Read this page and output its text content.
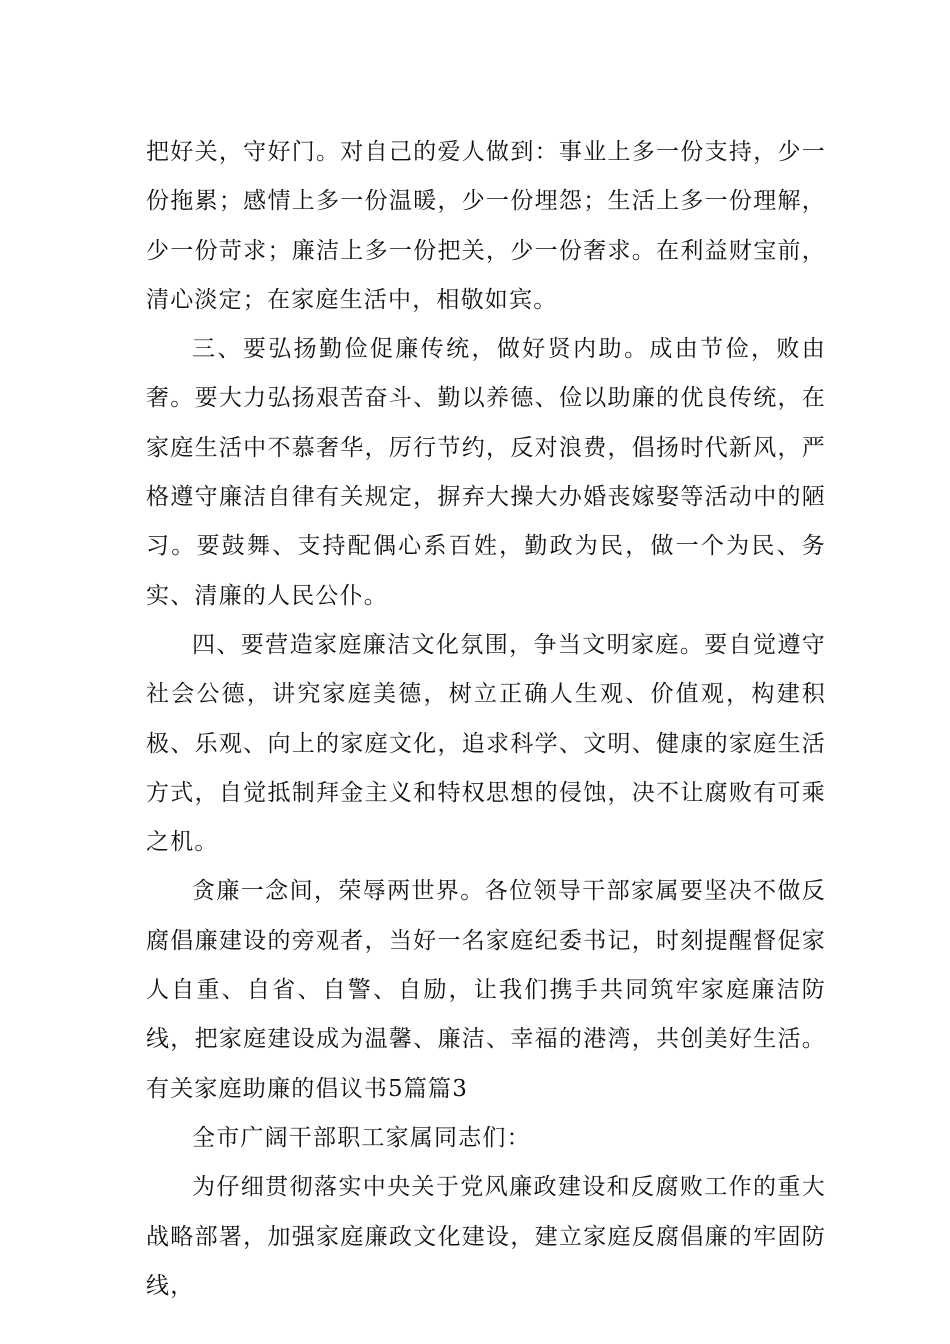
把好关，守好门。对自己的爱人做到：事业上多一份支持，少一份拖累；感情上多一份温暖，少一份埋怨；生活上多一份理解，少一份苛求；廉洁上多一份把关，少一份奢求。在利益财宝前，清心淡定；在家庭生活中，相敬如宾。

三、要弘扬勤俭促廉传统，做好贤内助。成由节俭，败由奢。要大力弘扬艰苦奋斗、勤以养德、俭以助廉的优良传统，在家庭生活中不慕奢华，厉行节约，反对浪费，倡扬时代新风，严格遵守廉洁自律有关规定，摒弃大操大办婚丧嫁娶等活动中的陋习。要鼓舞、支持配偶心系百姓，勤政为民，做一个为民、务实、清廉的人民公仆。

四、要营造家庭廉洁文化氛围，争当文明家庭。要自觉遵守社会公德，讲究家庭美德，树立正确人生观、价值观，构建积极、乐观、向上的家庭文化，追求科学、文明、健康的家庭生活方式，自觉抵制拜金主义和特权思想的侵蚀，决不让腐败有可乘之机。

贪廉一念间，荣辱两世界。各位领导干部家属要坚决不做反腐倡廉建设的旁观者，当好一名家庭纪委书记，时刻提醒督促家人自重、自省、自警、自励，让我们携手共同筑牢家庭廉洁防线，把家庭建设成为温馨、廉洁、幸福的港湾，共创美好生活。有关家庭助廉的倡议书5篇篇3

全市广阔干部职工家属同志们：

为仔细贯彻落实中央关于党风廉政建设和反腐败工作的重大战略部署，加强家庭廉政文化建设，建立家庭反腐倡廉的牢固防线，
